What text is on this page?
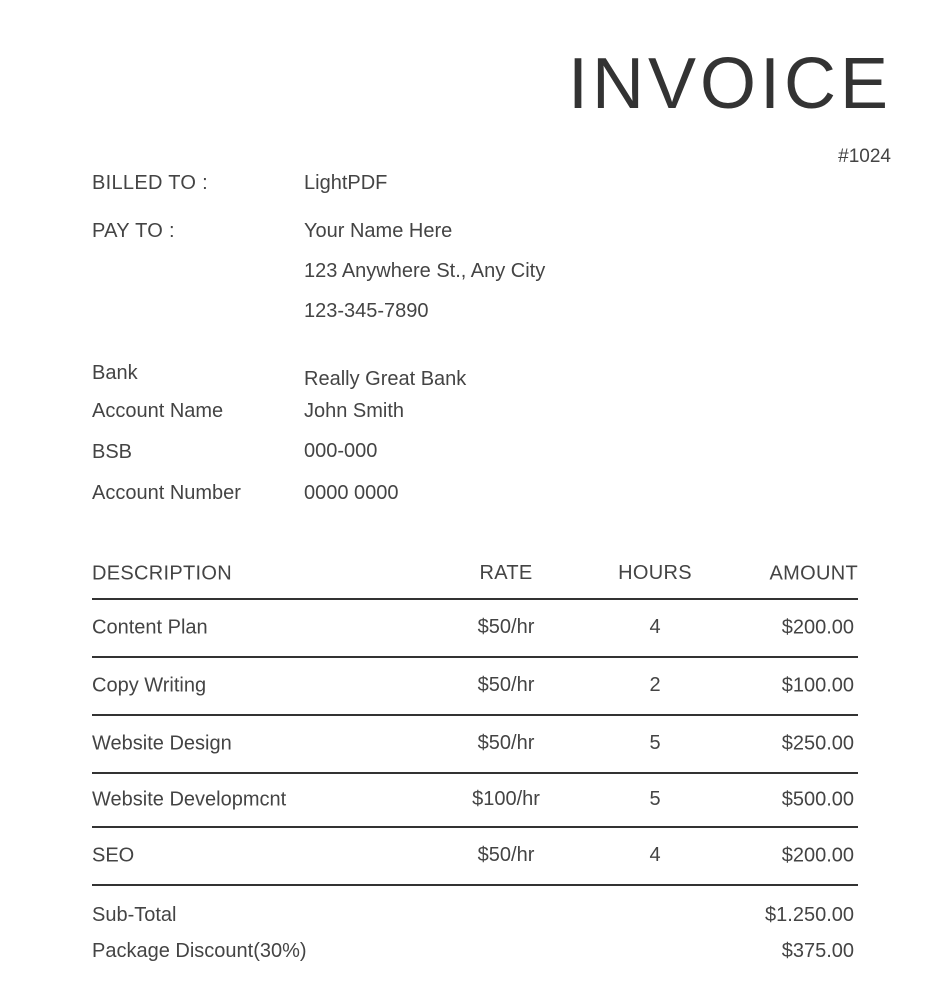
INVOICE
#1024
BILLED TO :	LightPDF
PAY TO :	Your Name Here
123 Anywhere St., Any City
123-345-7890
Bank	Really Great Bank
Account Name	John Smith
BSB	000-000
Account Number	0000 0000
DESCRIPTION	RATE	HOURS	AMOUNT
Content Plan	$50/hr	4	$200.00
Copy Writing	$50/hr	2	$100.00
Website Design	$50/hr	5	$250.00
Website Developmcnt	$100/hr	5	$500.00
SEO	$50/hr	4	$200.00
Sub-Total	$1.250.00
Package Discount(30%)	$375.00
